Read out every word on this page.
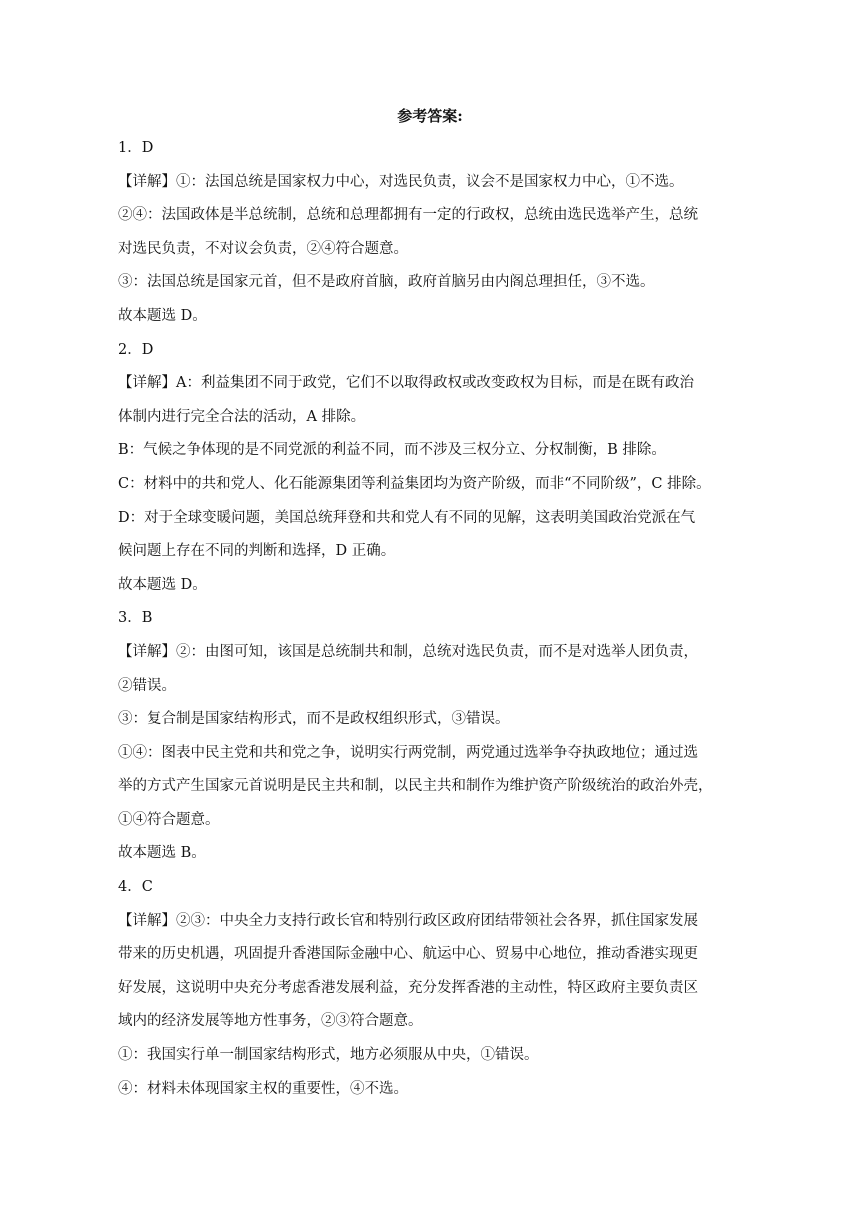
参考答案:
1．D
【详解】①：法国总统是国家权力中心，对选民负责，议会不是国家权力中心，①不选。
②④：法国政体是半总统制，总统和总理都拥有一定的行政权，总统由选民选举产生，总统
对选民负责，不对议会负责，②④符合题意。
③：法国总统是国家元首，但不是政府首脑，政府首脑另由内阁总理担任，③不选。
故本题选 D。
2．D
【详解】A：利益集团不同于政党，它们不以取得政权或改变政权为目标，而是在既有政治
体制内进行完全合法的活动，A 排除。
B：气候之争体现的是不同党派的利益不同，而不涉及三权分立、分权制衡，B 排除。
C：材料中的共和党人、化石能源集团等利益集团均为资产阶级，而非“不同阶级”，C 排除。
D：对于全球变暖问题，美国总统拜登和共和党人有不同的见解，这表明美国政治党派在气
候问题上存在不同的判断和选择，D 正确。
故本题选 D。
3．B
【详解】②：由图可知，该国是总统制共和制，总统对选民负责，而不是对选举人团负责，
②错误。
③：复合制是国家结构形式，而不是政权组织形式，③错误。
①④：图表中民主党和共和党之争，说明实行两党制，两党通过选举争夺执政地位；通过选
举的方式产生国家元首说明是民主共和制，以民主共和制作为维护资产阶级统治的政治外壳，
①④符合题意。
故本题选 B。
4．C
【详解】②③：中央全力支持行政长官和特别行政区政府团结带领社会各界，抓住国家发展
带来的历史机遇，巩固提升香港国际金融中心、航运中心、贸易中心地位，推动香港实现更
好发展，这说明中央充分考虑香港发展利益，充分发挥香港的主动性，特区政府主要负责区
域内的经济发展等地方性事务，②③符合题意。
①：我国实行单一制国家结构形式，地方必须服从中央，①错误。
④：材料未体现国家主权的重要性，④不选。
